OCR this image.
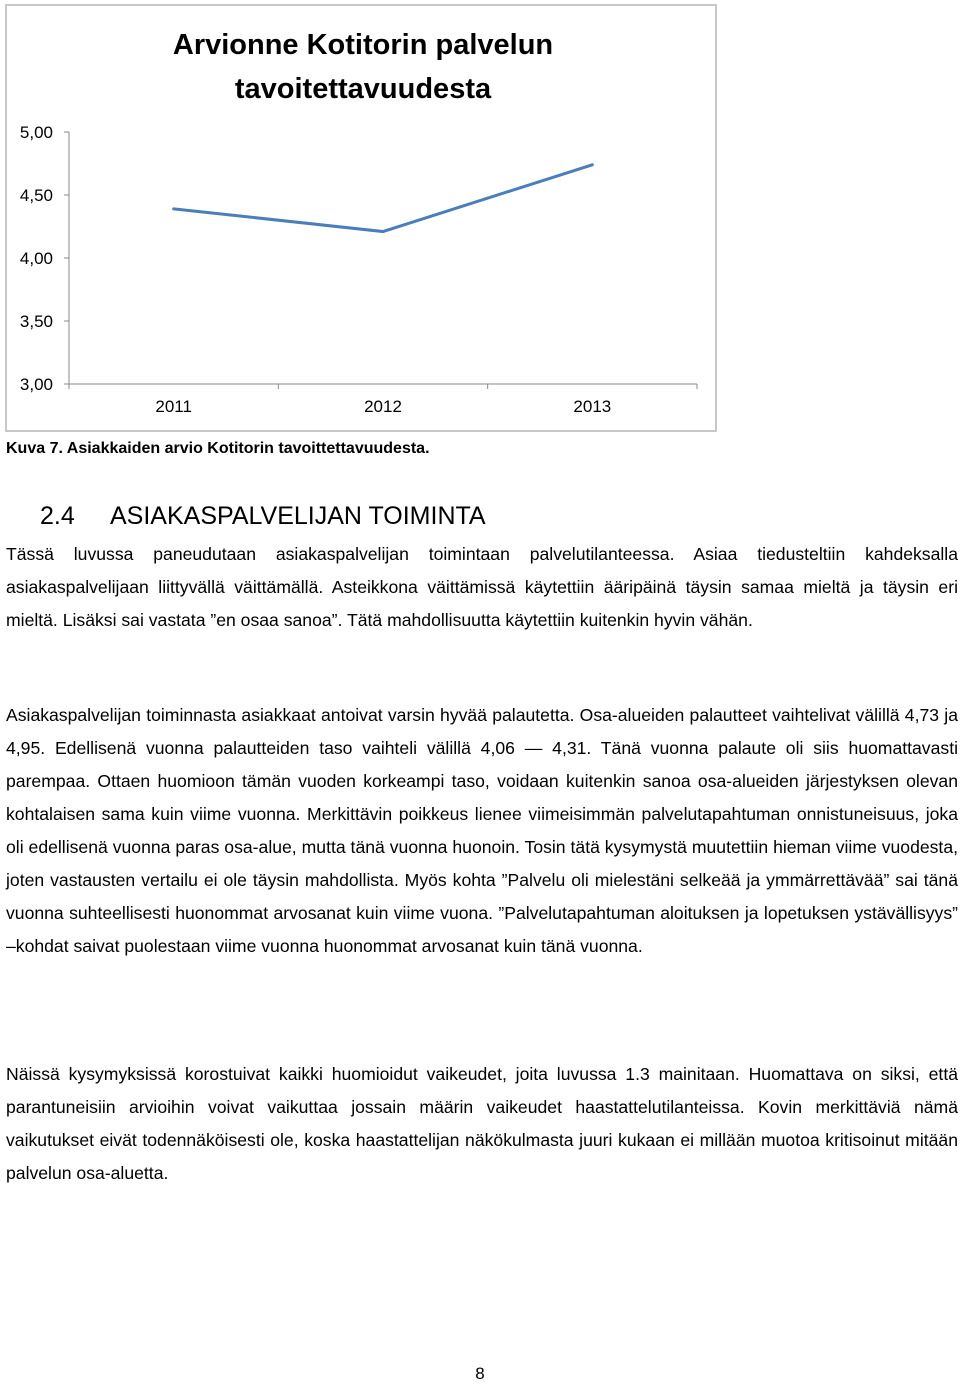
Arvionne Kotitorin palvelun
tavoitettavuudesta
3,00
3,50
4,00
4,50
5,00
2011	2012	2013
Kuva 7. Asiakkaiden arvio Kotitorin tavoittettavuudesta.
2.4 ASIAKASPALVELIJAN TOIMINTA

Tässä luvussa paneudutaan asiakaspalvelijan toimintaan palvelutilanteessa. Asiaa tiedusteltiin kahdeksalla asiakaspalvelijaan liittyvällä väittämällä. Asteikkona väittämissä käytettiin ääripäinä täysin samaa mieltä ja täysin eri mieltä. Lisäksi sai vastata ”en osaa sanoa”. Tätä mahdollisuutta käytettiin kuitenkin hyvin vähän.

Asiakaspalvelijan toiminnasta asiakkaat antoivat varsin hyvää palautetta. Osa-alueiden palautteet vaihtelivat välillä 4,73 ja 4,95. Edellisenä vuonna palautteiden taso vaihteli välillä 4,06 — 4,31. Tänä vuonna palaute oli siis huomattavasti parempaa. Ottaen huomioon tämän vuoden korkeampi taso, voidaan kuitenkin sanoa osa-alueiden järjestyksen olevan kohtalaisen sama kuin viime vuonna. Merkittävin poikkeus lienee viimeisimmän palvelutapahtuman onnistuneisuus, joka oli edellisenä vuonna paras osa-alue, mutta tänä vuonna huonoin. Tosin tätä kysymystä muutettiin hieman viime vuodesta, joten vastausten vertailu ei ole täysin mahdollista. Myös kohta ”Palvelu oli mielestäni selkeää ja ymmärrettävää” sai tänä vuonna suhteellisesti huonommat arvosanat kuin viime vuona. ”Palvelutapahtuman aloituksen ja lopetuksen ystävällisyys” –kohdat saivat puolestaan viime vuonna huonommat arvosanat kuin tänä vuonna.

Näissä kysymyksissä korostuivat kaikki huomioidut vaikeudet, joita luvussa 1.3 mainitaan. Huomattava on siksi, että parantuneisiin arvioihin voivat vaikuttaa jossain määrin vaikeudet haastattelutilanteissa. Kovin merkittäviä nämä vaikutukset eivät todennäköisesti ole, koska haastattelijan näkökulmasta juuri kukaan ei millään muotoa kritisoinut mitään palvelun osa-aluetta.

8
